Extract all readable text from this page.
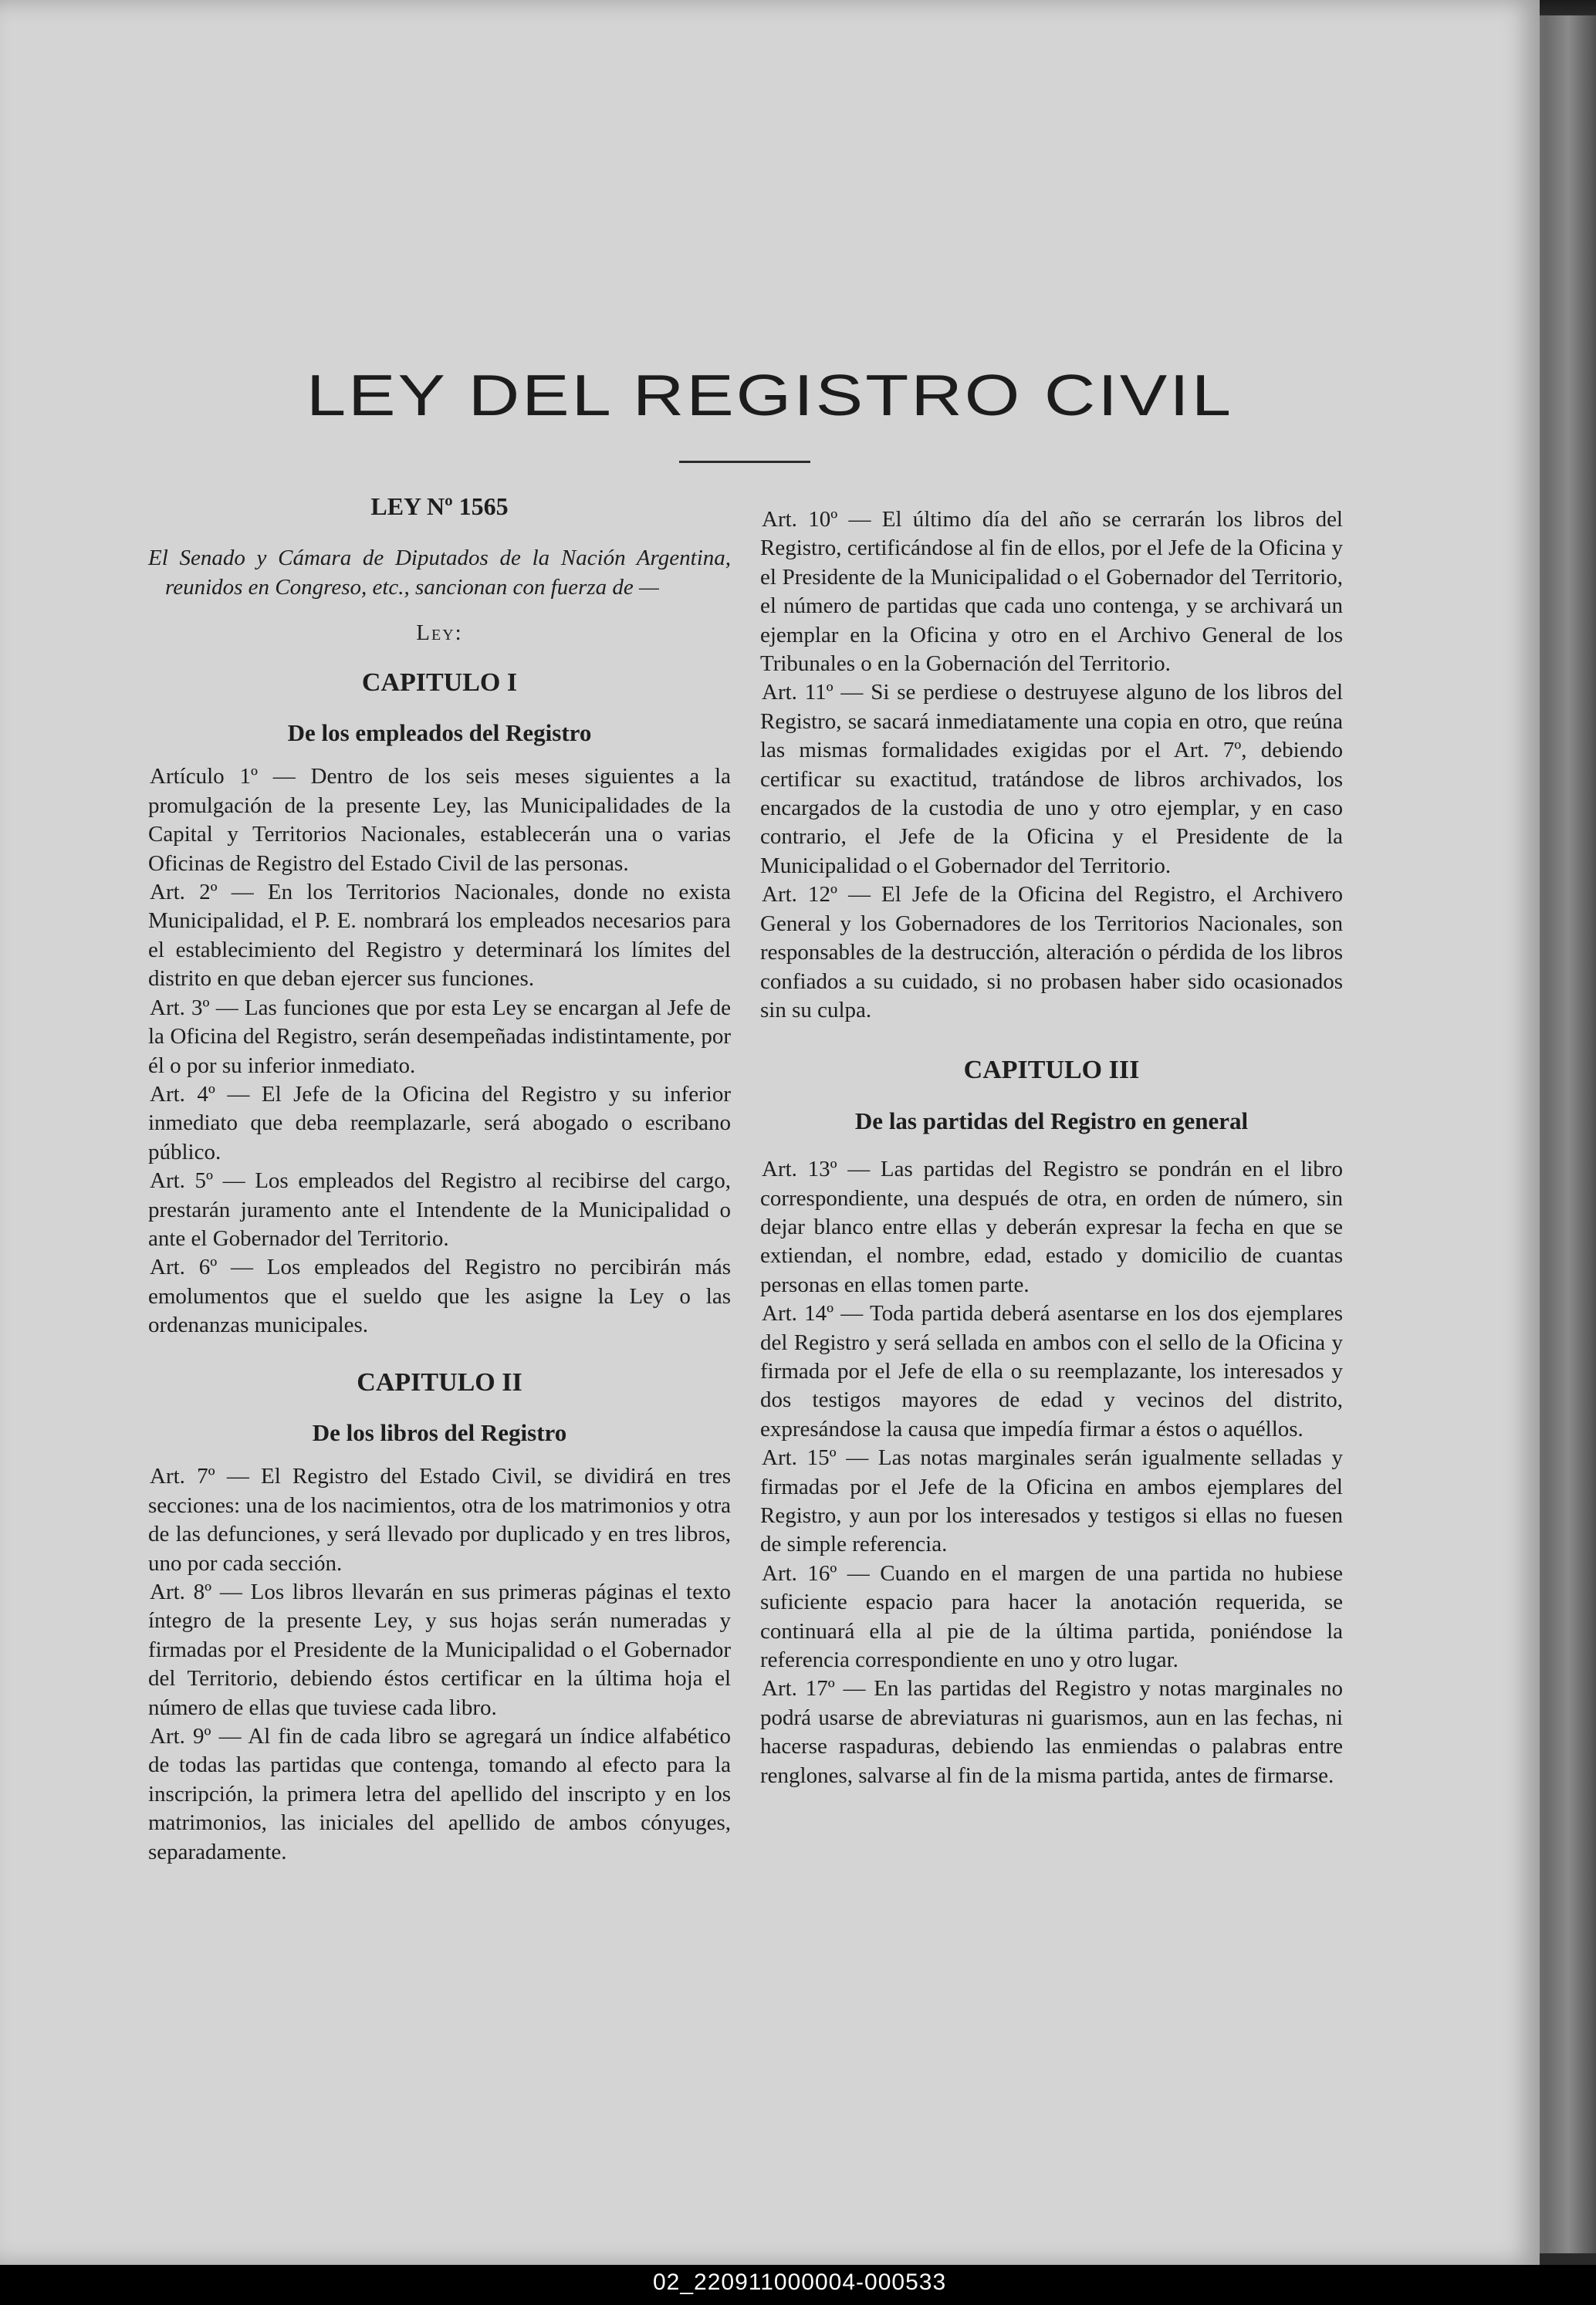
LEY DEL REGISTRO CIVIL

LEY Nº 1565

El Senado y Cámara de Diputados de la Nación Argentina, reunidos en Congreso, etc., sancionan con fuerza de —

Ley:

CAPITULO I

De los empleados del Registro

Artículo 1º — Dentro de los seis meses siguientes a la promulgación de la presente Ley, las Municipalidades de la Capital y Territorios Nacionales, establecerán una o varias Oficinas de Registro del Estado Civil de las personas.

Art. 2º — En los Territorios Nacionales, donde no exista Municipalidad, el P. E. nombrará los empleados necesarios para el establecimiento del Registro y determinará los límites del distrito en que deban ejercer sus funciones.

Art. 3º — Las funciones que por esta Ley se encargan al Jefe de la Oficina del Registro, serán desempeñadas indistintamente, por él o por su inferior inmediato.

Art. 4º — El Jefe de la Oficina del Registro y su inferior inmediato que deba reemplazarle, será abogado o escribano público.

Art. 5º — Los empleados del Registro al recibirse del cargo, prestarán juramento ante el Intendente de la Municipalidad o ante el Gobernador del Territorio.

Art. 6º — Los empleados del Registro no percibirán más emolumentos que el sueldo que les asigne la Ley o las ordenanzas municipales.

CAPITULO II

De los libros del Registro

Art. 7º — El Registro del Estado Civil, se dividirá en tres secciones: una de los nacimientos, otra de los matrimonios y otra de las defunciones, y será llevado por duplicado y en tres libros, uno por cada sección.

Art. 8º — Los libros llevarán en sus primeras páginas el texto íntegro de la presente Ley, y sus hojas serán numeradas y firmadas por el Presidente de la Municipalidad o el Gobernador del Territorio, debiendo éstos certificar en la última hoja el número de ellas que tuviese cada libro.

Art. 9º — Al fin de cada libro se agregará un índice alfabético de todas las partidas que contenga, tomando al efecto para la inscripción, la primera letra del apellido del inscripto y en los matrimonios, las iniciales del apellido de ambos cónyuges, separadamente.

Art. 10º — El último día del año se cerrarán los libros del Registro, certificándose al fin de ellos, por el Jefe de la Oficina y el Presidente de la Municipalidad o el Gobernador del Territorio, el número de partidas que cada uno contenga, y se archivará un ejemplar en la Oficina y otro en el Archivo General de los Tribunales o en la Gobernación del Territorio.

Art. 11º — Si se perdiese o destruyese alguno de los libros del Registro, se sacará inmediatamente una copia en otro, que reúna las mismas formalidades exigidas por el Art. 7º, debiendo certificar su exactitud, tratándose de libros archivados, los encargados de la custodia de uno y otro ejemplar, y en caso contrario, el Jefe de la Oficina y el Presidente de la Municipalidad o el Gobernador del Territorio.

Art. 12º — El Jefe de la Oficina del Registro, el Archivero General y los Gobernadores de los Territorios Nacionales, son responsables de la destrucción, alteración o pérdida de los libros confiados a su cuidado, si no probasen haber sido ocasionados sin su culpa.

CAPITULO III

De las partidas del Registro en general

Art. 13º — Las partidas del Registro se pondrán en el libro correspondiente, una después de otra, en orden de número, sin dejar blanco entre ellas y deberán expresar la fecha en que se extiendan, el nombre, edad, estado y domicilio de cuantas personas en ellas tomen parte.

Art. 14º — Toda partida deberá asentarse en los dos ejemplares del Registro y será sellada en ambos con el sello de la Oficina y firmada por el Jefe de ella o su reemplazante, los interesados y dos testigos mayores de edad y vecinos del distrito, expresándose la causa que impedía firmar a éstos o aquéllos.

Art. 15º — Las notas marginales serán igualmente selladas y firmadas por el Jefe de la Oficina en ambos ejemplares del Registro, y aun por los interesados y testigos si ellas no fuesen de simple referencia.

Art. 16º — Cuando en el margen de una partida no hubiese suficiente espacio para hacer la anotación requerida, se continuará ella al pie de la última partida, poniéndose la referencia correspondiente en uno y otro lugar.

Art. 17º — En las partidas del Registro y notas marginales no podrá usarse de abreviaturas ni guarismos, aun en las fechas, ni hacerse raspaduras, debiendo las enmiendas o palabras entre renglones, salvarse al fin de la misma partida, antes de firmarse.

02_220911000004-000533
